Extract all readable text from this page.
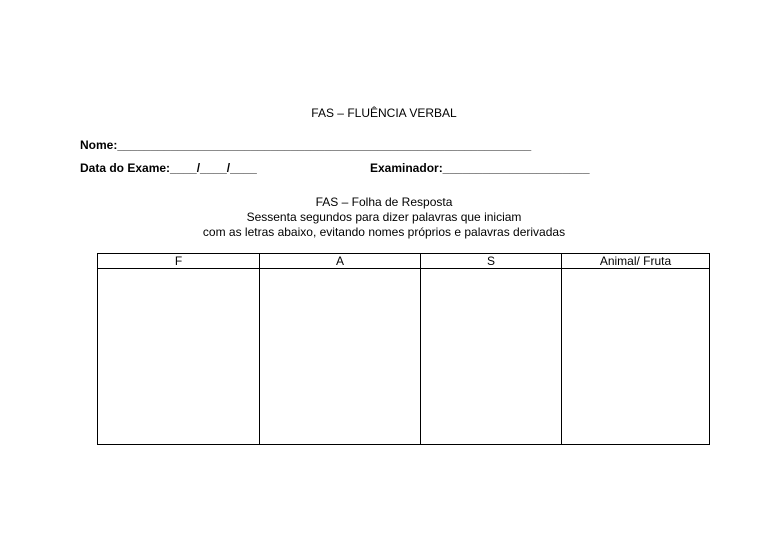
FAS – FLUÊNCIA VERBAL
Nome:______________________________________________________________
Data do Exame:____/____/____	Examinador:______________________
FAS – Folha de Resposta
Sessenta segundos para dizer palavras que iniciam
com as letras abaixo, evitando nomes próprios e palavras derivadas
F	A	S	Animal/ Fruta
